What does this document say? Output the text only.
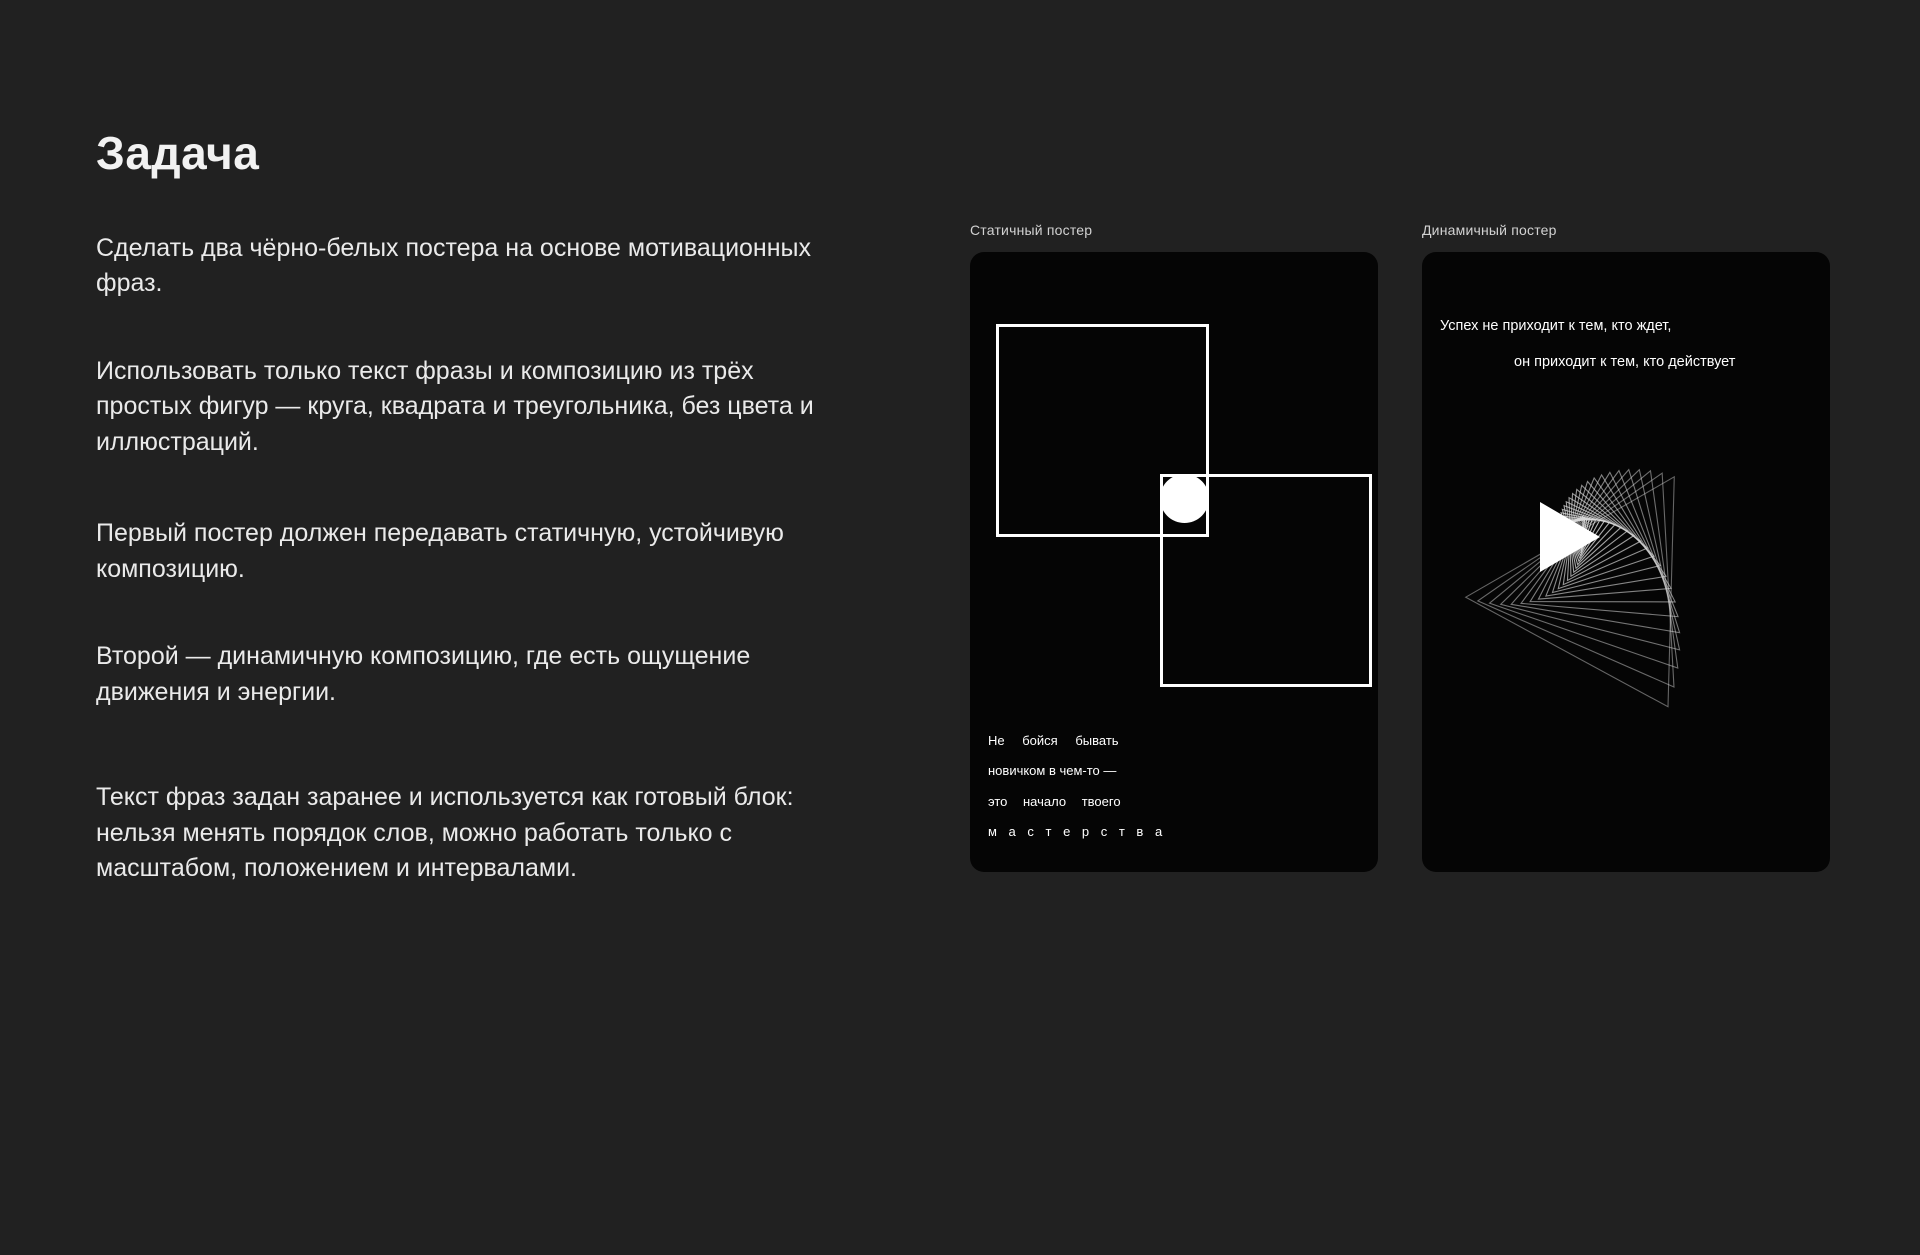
Задача

Сделать два чёрно-белых постера на основе мотивационных фраз.

Использовать только текст фразы и композицию из трёх простых фигур — круга, квадрата и треугольника, без цвета и иллюстраций.

Первый постер должен передавать статичную, устойчивую композицию.

Второй — динамичную композицию, где есть ощущение движения и энергии.

Текст фраз задан заранее и используется как готовый блок: нельзя менять порядок слов, можно работать только с масштабом, положением и интервалами.

Статичный постер
Не бойся бывать
новичком в чем-то —
это начало твоего
м а с т е р с т в а
Динамичный постер
Успех не приходит к тем, кто ждет,
он приходит к тем, кто действует
